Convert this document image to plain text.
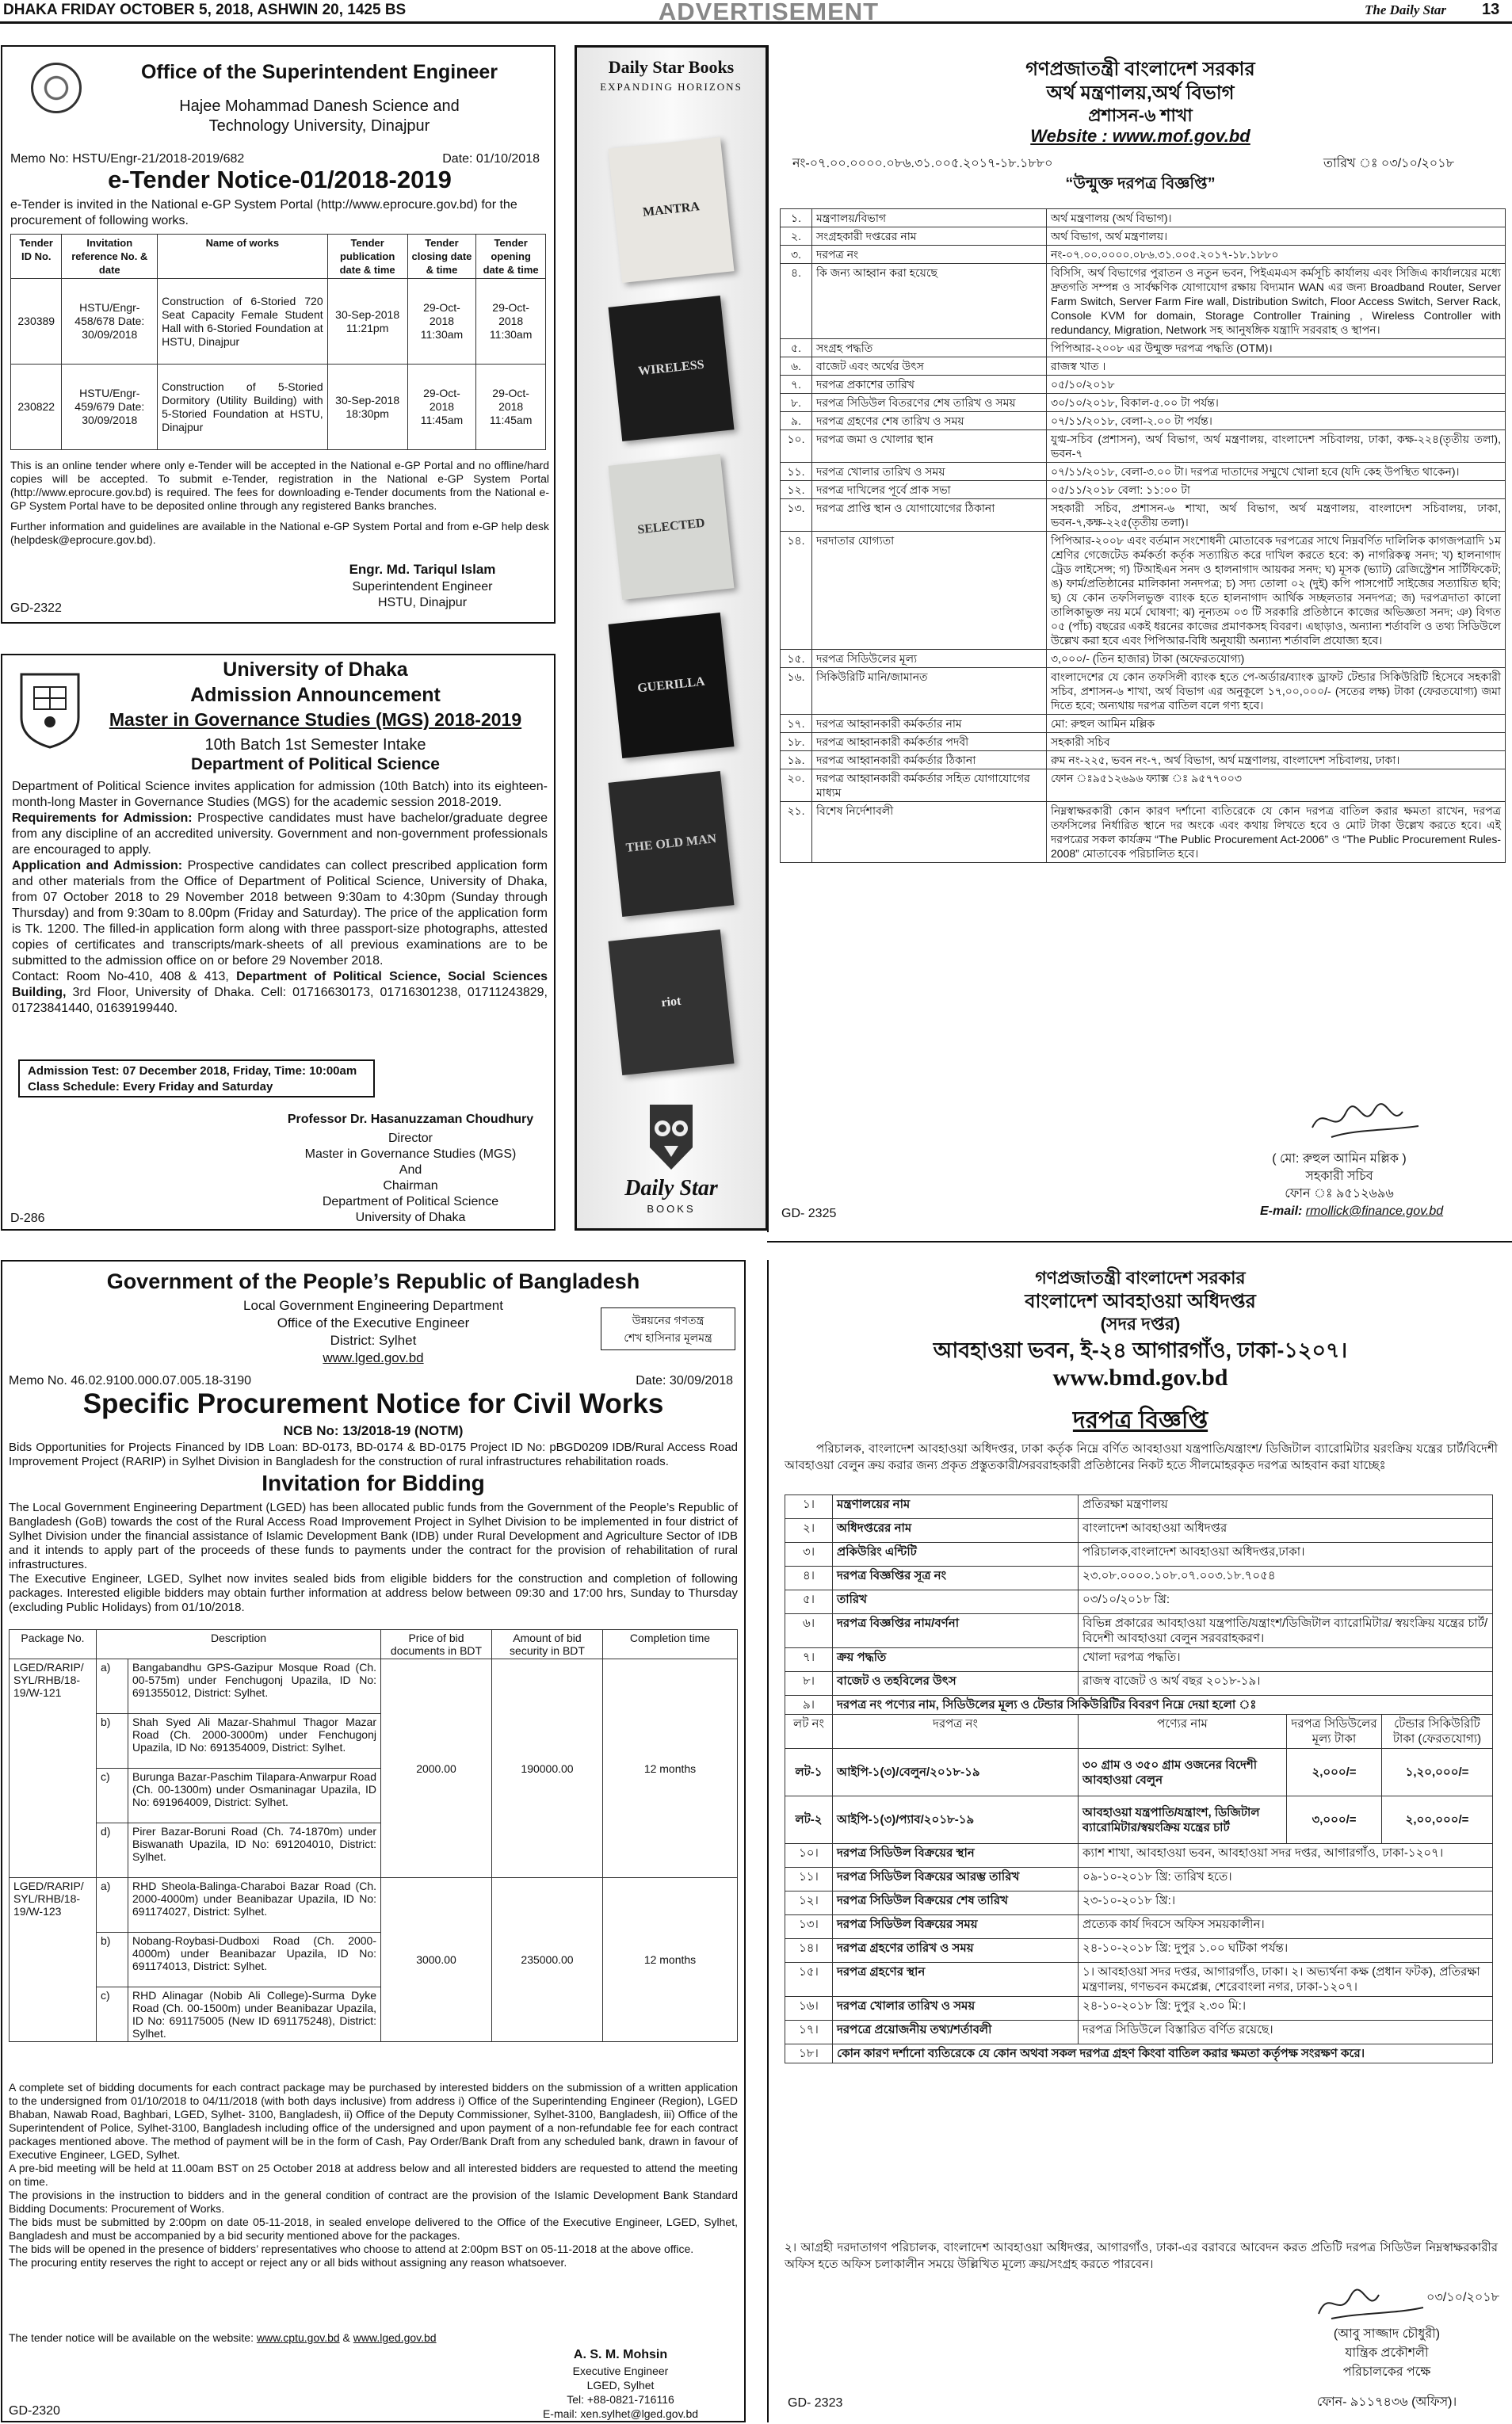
DHAKA FRIDAY OCTOBER 5, 2018, ASHWIN 20, 1425 BS	ADVERTISEMENT	The Daily Star 13
Office of the Superintendent Engineer
Hajee Mohammad Danesh Science and
Technology University, Dinajpur
Memo No: HSTU/Engr-21/2018-2019/682	Date: 01/10/2018
e-Tender Notice-01/2018-2019
e-Tender is invited in the National e-GP System Portal (http://www.eprocure.gov.bd) for the procurement of following works.
Tender ID No.	Invitation reference No. & date	Name of works	Tender publication date & time	Tender closing date & time	Tender opening date & time
230389	HSTU/Engr-458/678 Date: 30/09/2018	Construction of 6-Storied 720 Seat Capacity Female Student Hall with 6-Storied Foundation at HSTU, Dinajpur	30-Sep-2018 11:21pm	29-Oct-2018 11:30am	29-Oct-2018 11:30am
230822	HSTU/Engr-459/679 Date: 30/09/2018	Construction of 5-Storied Dormitory (Utility Building) with 5-Storied Foundation at HSTU, Dinajpur	30-Sep-2018 18:30pm	29-Oct-2018 11:45am	29-Oct-2018 11:45am
This is an online tender where only e-Tender will be accepted in the National e-GP Portal and no offline/hard copies will be accepted. To submit e-Tender, registration in the National e-GP System Portal (http://www.eprocure.gov.bd) is required. The fees for downloading e-Tender documents from the National e-GP System Portal have to be deposited online through any registered Banks branches.
Further information and guidelines are available in the National e-GP System Portal and from e-GP help desk (helpdesk@eprocure.gov.bd).
Engr. Md. Tariqul Islam
Superintendent Engineer
HSTU, Dinajpur
GD-2322
University of Dhaka
Admission Announcement
Master in Governance Studies (MGS) 2018-2019
10th Batch 1st Semester Intake
Department of Political Science

Department of Political Science invites application for admission (10th Batch) into its eighteen-month-long Master in Governance Studies (MGS) for the academic session 2018-2019.

Requirements for Admission: Prospective candidates must have bachelor/graduate degree from any discipline of an accredited university. Government and non-government professionals are encouraged to apply.

Application and Admission: Prospective candidates can collect prescribed application form and other materials from the Office of Department of Political Science, University of Dhaka, from 07 October 2018 to 29 November 2018 between 9:30am to 4:30pm (Sunday through Thursday) and from 9:30am to 8.00pm (Friday and Saturday). The price of the application form is Tk. 1200. The filled-in application form along with three passport-size photographs, attested copies of certificates and transcripts/mark-sheets of all previous examinations are to be submitted to the admission office on or before 29 November 2018.

Contact: Room No-410, 408 & 413, Department of Political Science, Social Sciences Building, 3rd Floor, University of Dhaka. Cell: 01716630173, 01716301238, 01711243829, 01723841440, 01639199440.

Admission Test: 07 December 2018, Friday, Time: 10:00am
Class Schedule: Every Friday and Saturday
Professor Dr. Hasanuzzaman Choudhury
Director
Master in Governance Studies (MGS)
And
Chairman
Department of Political Science
University of Dhaka
D-286
Daily Star Books
EXPANDING HORIZONS
MANTRA
WIRELESS
SELECTED
GUERILLA
THE OLD MAN
riot
Daily Star
BOOKS
গণপ্রজাতন্ত্রী বাংলাদেশ সরকার
অর্থ মন্ত্রণালয়,অর্থ বিভাগ
প্রশাসন-৬ শাখা
Website : www.mof.gov.bd
নং-০৭.০০.০০০০.০৮৬.৩১.০০৫.২০১৭-১৮.১৮৮০	তারিখ ঃ ০৩/১০/২০১৮
“উন্মুক্ত দরপত্র বিজ্ঞপ্তি”
১.	মন্ত্রণালয়/বিভাগ	অর্থ মন্ত্রণালয় (অর্থ বিভাগ)।
২.	সংগ্রহকারী দপ্তরের নাম	অর্থ বিভাগ, অর্থ মন্ত্রণালয়।
৩.	দরপত্র নং	নং-০৭.০০.০০০০.০৮৬.৩১.০০৫.২০১৭-১৮.১৮৮০
৪.	কি জন্য আহ্বান করা হয়েছে	বিসিসি, অর্থ বিভাগের পুরাতন ও নতুন ভবন, পিইএমএস কর্মসূচি কার্যালয় এবং সিজিএ কার্যালয়ের মধ্যে দ্রুতগতি সম্পন্ন ও সার্বক্ষণিক যোগাযোগ রক্ষায় বিদ্যমান WAN এর জন্য Broadband Router, Server Farm Switch, Server Farm Fire wall, Distribution Switch, Floor Access Switch, Server Rack, Console KVM for domain, Storage Controller Training , Wireless Controller with redundancy, Migration, Network সহ আনুষঙ্গিক যন্ত্রাদি সরবরাহ ও স্থাপন।
৫.	সংগ্রহ পদ্ধতি	পিপিআর-২০০৮ এর উন্মুক্ত দরপত্র পদ্ধতি (OTM)।
৬.	বাজেট এবং অর্থের উৎস	রাজস্ব খাত ।
৭.	দরপত্র প্রকাশের তারিখ	০৫/১০/২০১৮
৮.	দরপত্র সিডিউল বিতরণের শেষ তারিখ ও সময়	৩০/১০/২০১৮, বিকাল-৫.০০ টা পর্যন্ত।
৯.	দরপত্র গ্রহণের শেষ তারিখ ও সময়	০৭/১১/২০১৮, বেলা-২.০০ টা পর্যন্ত।
১০.	দরপত্র জমা ও খোলার স্থান	যুগ্ম-সচিব (প্রশাসন), অর্থ বিভাগ, অর্থ মন্ত্রণালয়, বাংলাদেশ সচিবালয়, ঢাকা, কক্ষ-২২৪(তৃতীয় তলা), ভবন-৭
১১.	দরপত্র খোলার তারিখ ও সময়	০৭/১১/২০১৮, বেলা-৩.০০ টা। দরপত্র দাতাদের সম্মুখে খোলা হবে (যদি কেহ উপস্থিত থাকেন)।
১২.	দরপত্র দাখিলের পূর্বে প্রাক সভা	০৫/১১/২০১৮ বেলা: ১১:০০ টা
১৩.	দরপত্র প্রাপ্তি স্থান ও যোগাযোগের ঠিকানা	সহকারী সচিব, প্রশাসন-৬ শাখা, অর্থ বিভাগ, অর্থ মন্ত্রণালয়, বাংলাদেশ সচিবালয়, ঢাকা, ভবন-৭,কক্ষ-২২৫(তৃতীয় তলা)।
১৪.	দরদাতার যোগ্যতা	পিপিআর-২০০৮ এবং বর্তমান সংশোধনী মোতাবেক দরপত্রের সাথে নিম্নবর্ণিত দালিলিক কাগজপত্রাদি ১ম শ্রেণির গেজেটেড কর্মকর্তা কর্তৃক সত্যায়িত করে দাখিল করতে হবে: ক) নাগরিকত্ব সনদ; খ) হালনাগাদ ট্রেড লাইসেন্স; গ) টিআইএন সনদ ও হালনাগাদ আয়কর সনদ; ঘ) মূসক (ভ্যাট) রেজিস্ট্রেশন সার্টিফিকেট; ঙ) ফার্ম/প্রতিষ্ঠানের মালিকানা সনদপত্র; চ) সদ্য তোলা ০২ (দুই) কপি পাসপোর্ট সাইজের সত্যায়িত ছবি; ছ) যে কোন তফসিলভুক্ত ব্যাংক হতে হালনাগাদ আর্থিক সচ্ছলতার সনদপত্র; জ) দরপত্রদাতা কালো তালিকাভুক্ত নয় মর্মে ঘোষণা; ঝ) নূন্যতম ০৩ টি সরকারি প্রতিষ্ঠানে কাজের অভিজ্ঞতা সনদ; ঞ) বিগত ০৫ (পাঁচ) বছরের একই ধরনের কাজের প্রমাণকসহ বিবরণ। এছাড়াও, অন্যান্য শর্তাবলি ও তথ্য সিডিউলে উল্লেখ করা হবে এবং পিপিআর-বিধি অনুযায়ী অন্যান্য শর্তাবলি প্রযোজ্য হবে।
১৫.	দরপত্র সিডিউলের মূল্য	৩,০০০/- (তিন হাজার) টাকা (অফেরতযোগ্য)
১৬.	সিকিউরিটি মানি/জামানত	বাংলাদেশের যে কোন তফসিলী ব্যাংক হতে পে-অর্ডার/ব্যাংক ড্রাফট টেন্ডার সিকিউরিটি হিসেবে সহকারী সচিব, প্রশাসন-৬ শাখা, অর্থ বিভাগ এর অনুকূলে ১৭,০০,০০০/- (সতের লক্ষ) টাকা (ফেরতযোগ্য) জমা দিতে হবে; অন্যথায় দরপত্র বাতিল বলে গণ্য হবে।
১৭.	দরপত্র আহ্বানকারী কর্মকর্তার নাম	মো: রুহুল আমিন মল্লিক
১৮.	দরপত্র আহ্বানকারী কর্মকর্তার পদবী	সহকারী সচিব
১৯.	দরপত্র আহ্বানকারী কর্মকর্তার ঠিকানা	রুম নং-২২৫, ভবন নং-৭, অর্থ বিভাগ, অর্থ মন্ত্রণালয়, বাংলাদেশ সচিবালয়, ঢাকা।
২০.	দরপত্র আহ্বানকারী কর্মকর্তার সহিত যোগাযোগের মাধ্যম	ফোন ঃ৯৫১২৬৯৬ ফ্যাক্স ঃ ৯৫৭৭০০৩
২১.	বিশেষ নির্দেশাবলী	নিম্নস্বাক্ষরকারী কোন কারণ দর্শানো ব্যতিরেকে যে কোন দরপত্র বাতিল করার ক্ষমতা রাখেন, দরপত্র তফসিলের নির্ধারিত স্থানে দর অংকে এবং কথায় লিখতে হবে ও মোট টাকা উল্লেখ করতে হবে। এই দরপত্রের সকল কার্যক্রম “The Public Procurement Act-2006” ও “The Public Procurement Rules-2008” মোতাবেক পরিচালিত হবে।
( মো: রুহুল আমিন মল্লিক )
সহকারী সচিব
ফোন ঃ ৯৫১২৬৯৬
E-mail: rmollick@finance.gov.bd
GD- 2325
Government of the People’s Republic of Bangladesh
Local Government Engineering Department
Office of the Executive Engineer
District: Sylhet
www.lged.gov.bd
উন্নয়নের গণতন্ত্র
শেখ হাসিনার মূলমন্ত্র
Memo No. 46.02.9100.000.07.005.18-3190	Date: 30/09/2018
Specific Procurement Notice for Civil Works
NCB No: 13/2018-19 (NOTM)
Bids Opportunities for Projects Financed by IDB Loan: BD-0173, BD-0174 & BD-0175 Project ID No: pBGD0209 IDB/Rural Access Road Improvement Project (RARIP) in Sylhet Division in Bangladesh for the construction of rural infrastructures rehabilitation roads.
Invitation for Bidding
The Local Government Engineering Department (LGED) has been allocated public funds from the Government of the People’s Republic of Bangladesh (GoB) towards the cost of the Rural Access Road Improvement Project in Sylhet Division to be implemented in four district of Sylhet Division under the financial assistance of Islamic Development Bank (IDB) under Rural Development and Agriculture Sector of IDB and it intends to apply part of the proceeds of these funds to payments under the contract for the provision of rehabilitation of rural infrastructures.
The Executive Engineer, LGED, Sylhet now invites sealed bids from eligible bidders for the construction and completion of following packages. Interested eligible bidders may obtain further information at address below between 09:30 and 17:00 hrs, Sunday to Thursday (excluding Public Holidays) from 01/10/2018.
Package No.	Description	Price of bid documents in BDT	Amount of bid security in BDT	Completion time
LGED/RARIP/ SYL/RHB/18-19/W-121	a) Bangabandhu GPS-Gazipur Mosque Road (Ch. 00-575m) under Fenchugonj Upazila, ID No: 691355012, District: Sylhet.	2000.00	190000.00	12 months

	b) Shah Syed Ali Mazar-Shahmul Thagor Mazar Road (Ch. 2000-3000m) under Fenchugonj Upazila, ID No: 691354009, District: Sylhet.			

	c) Burunga Bazar-Paschim Tilapara-Anwarpur Road (Ch. 00-1300m) under Osmaninagar Upazila, ID No: 691964009, District: Sylhet.			

	d) Pirer Bazar-Boruni Road (Ch. 74-1870m) under Biswanath Upazila, ID No: 691204010, District: Sylhet.			

LGED/RARIP/ SYL/RHB/18-19/W-123	a) RHD Sheola-Balinga-Charaboi Bazar Road (Ch. 2000-4000m) under Beanibazar Upazila, ID No: 691174027, District: Sylhet.	3000.00	235000.00	12 months

	b) Nobang-Roybasi-Dudboxi Road (Ch. 2000-4000m) under Beanibazar Upazila, ID No: 691174013, District: Sylhet.			

	c) RHD Alinagar (Nobib Ali College)-Surma Dyke Road (Ch. 00-1500m) under Beanibazar Upazila, ID No: 691175005 (New ID 691175248), District: Sylhet.			

A complete set of bidding documents for each contract package may be purchased by interested bidders on the submission of a written application to the undersigned from 01/10/2018 to 04/11/2018 (with both days inclusive) from address i) Office of the Superintending Engineer (Region), LGED Bhaban, Nawab Road, Baghbari, LGED, Sylhet- 3100, Bangladesh, ii) Office of the Deputy Commissioner, Sylhet-3100, Bangladesh, iii) Office of the Superintendent of Police, Sylhet-3100, Bangladesh including office of the undersigned and upon payment of a non-refundable fee for each contract packages mentioned above. The method of payment will be in the form of Cash, Pay Order/Bank Draft from any scheduled bank, drawn in favour of Executive Engineer, LGED, Sylhet.

A pre-bid meeting will be held at 11.00am BST on 25 October 2018 at address below and all interested bidders are requested to attend the meeting on time.

The provisions in the instruction to bidders and in the general condition of contract are the provision of the Islamic Development Bank Standard Bidding Documents: Procurement of Works.

The bids must be submitted by 2:00pm on date 05-11-2018, in sealed envelope delivered to the Office of the Executive Engineer, LGED, Sylhet, Bangladesh and must be accompanied by a bid security mentioned above for the packages.

The bids will be opened in the presence of bidders’ representatives who choose to attend at 2:00pm BST on 05-11-2018 at the above office.

The procuring entity reserves the right to accept or reject any or all bids without assigning any reason whatsoever.

The tender notice will be available on the website: www.cptu.gov.bd & www.lged.gov.bd
A. S. M. Mohsin
Executive Engineer
LGED, Sylhet
Tel: +88-0821-716116
E-mail: xen.sylhet@lged.gov.bd
GD-2320
গণপ্রজাতন্ত্রী বাংলাদেশ সরকার
বাংলাদেশ আবহাওয়া অধিদপ্তর
(সদর দপ্তর)
আবহাওয়া ভবন, ই-২৪ আগারগাঁও, ঢাকা-১২০৭।
www.bmd.gov.bd
দরপত্র বিজ্ঞপ্তি
পরিচালক, বাংলাদেশ আবহাওয়া অধিদপ্তর, ঢাকা কর্তৃক নিম্নে বর্ণিত আবহাওয়া যন্ত্রপাতি/যন্ত্রাংশ/ ডিজিটাল ব্যারোমিটার য়রংক্রিয় যন্ত্রের চার্ট/বিদেশী আবহাওয়া বেলুন ক্রয় করার জন্য প্রকৃত প্রস্তুতকারী/সরবরাহকারী প্রতিষ্ঠানের নিকট হতে সীলমোহরকৃত দরপত্র আহবান করা যাচ্ছেঃ
১।	মন্ত্রণালয়ের নাম	প্রতিরক্ষা মন্ত্রণালয়		
২।	অধিদপ্তরের নাম	বাংলাদেশ আবহাওয়া অধিদপ্তর		
৩।	প্রকিউরিং এন্টিটি	পরিচালক,বাংলাদেশ আবহাওয়া অধিদপ্তর,ঢাকা।		
৪।	দরপত্র বিজ্ঞপ্তির সূত্র নং	২৩.০৮.০০০০.১০৮.০৭.০০৩.১৮.৭০৫৪		
৫।	তারিখ	০৩/১০/২০১৮ খ্রি:		
৬।	দরপত্র বিজ্ঞপ্তির নাম/বর্ণনা	বিভিন্ন প্রকারের আবহাওয়া যন্ত্রপাতি/যন্ত্রাংশ/ডিজিটাল ব্যারোমিটার/ স্বয়ংক্রিয় যন্ত্রের চার্ট/বিদেশী আবহাওয়া বেলুন সরবরাহকরণ।		
৭।	ক্রয় পদ্ধতি	খোলা দরপত্র পদ্ধতি।		
৮।	বাজেট ও তহবিলের উৎস	রাজস্ব বাজেট ও অর্থ বছর ২০১৮-১৯।		
৯।	দরপত্র নং পণ্যের নাম, সিডিউলের মূল্য ও টেন্ডার সিকিউরিটির বিবরণ নিম্নে দেয়া হলো ঃ			
লট নং	দরপত্র নং	পণ্যের নাম	দরপত্র সিডিউলের মূল্য টাকা	টেন্ডার সিকিউরিটি টাকা (ফেরতযোগ্য)
লট-১	আইপি-১(৩)/বেলুন/২০১৮-১৯	৩০ গ্রাম ও ৩৫০ গ্রাম ওজনের বিদেশী আবহাওয়া বেলুন	২,০০০/=	১,২০,০০০/=
লট-২	আইপি-১(৩)/প্যাব/২০১৮-১৯	আবহাওয়া যন্ত্রপাতি/যন্ত্রাংশ, ডিজিটাল ব্যারোমিটার/স্বয়ংক্রিয় যন্ত্রের চার্ট	৩,০০০/=	২,০০,০০০/=
১০।	দরপত্র সিডিউল বিক্রয়ের স্থান	ক্যাশ শাখা, আবহাওয়া ভবন, আবহাওয়া সদর দপ্তর, আগারগাঁও, ঢাকা-১২০৭।		
১১।	দরপত্র সিডিউল বিক্রয়ের আরম্ভ তারিখ	০৯-১০-২০১৮ খ্রি: তারিখ হতে।		
১২।	দরপত্র সিডিউল বিক্রয়ের শেষ তারিখ	২৩-১০-২০১৮ খ্রি:।		
১৩।	দরপত্র সিডিউল বিক্রয়ের সময়	প্রত্যেক কার্য দিবসে অফিস সময়কালীন।		
১৪।	দরপত্র গ্রহণের তারিখ ও সময়	২৪-১০-২০১৮ খ্রি: দুপুর ১.০০ ঘটিকা পর্যন্ত।		
১৫।	দরপত্র গ্রহণের স্থান	১। আবহাওয়া সদর দপ্তর, আগারগাঁও, ঢাকা। ২। অভ্যর্থনা কক্ষ (প্রধান ফটক), প্রতিরক্ষা মন্ত্রণালয়, গণভবন কমপ্লেক্স, শেরেবাংলা নগর, ঢাকা-১২০৭।		
১৬।	দরপত্র খোলার তারিখ ও সময়	২৪-১০-২০১৮ খ্রি: দুপুর ২.৩০ মি:।		
১৭।	দরপত্রে প্রয়োজনীয় তথ্য/শর্তাবলী	দরপত্র সিডিউলে বিস্তারিত বর্ণিত রয়েছে।		
১৮।	কোন কারণ দর্শানো ব্যতিরেকে যে কোন অথবা সকল দরপত্র গ্রহণ কিংবা বাতিল করার ক্ষমতা কর্তৃপক্ষ সংরক্ষণ করে।			
২। আগ্রহী দরদাতাগণ পরিচালক, বাংলাদেশ আবহাওয়া অধিদপ্তর, আগারগাঁও, ঢাকা-এর বরাবরে আবেদন করত প্রতিটি দরপত্র সিডিউল নিম্নস্বাক্ষরকারীর অফিস হতে অফিস চলাকালীন সময়ে উল্লিখিত মূল্যে ক্রয়/সংগ্রহ করতে পারবেন।
০৩/১০/২০১৮
(আবু সাজ্জাদ চৌধুরী)
যান্ত্রিক প্রকৌশলী
পরিচালকের পক্ষে
ফোন- ৯১১৭৪৩৬ (অফিস)।
GD- 2323
